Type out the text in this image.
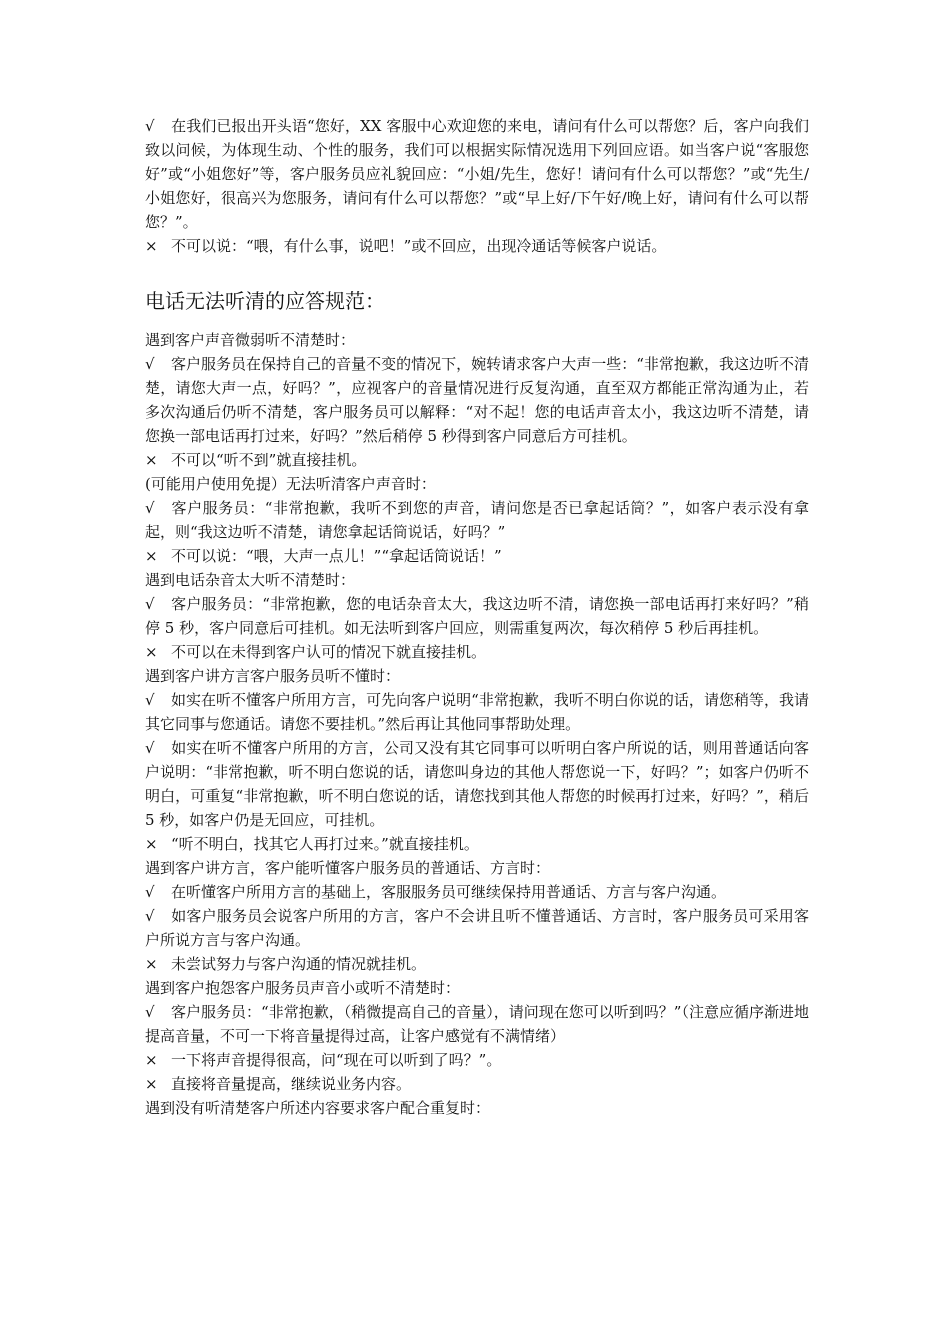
√ 在我们已报出开头语“您好，XX 客服中心欢迎您的来电，请问有什么可以帮您？后，客户向我们致以问候，为体现生动、个性的服务，我们可以根据实际情况选用下列回应语。如当客户说“客服您好”或“小姐您好”等，客户服务员应礼貌回应：“小姐/先生，您好！请问有什么可以帮您？”或“先生/小姐您好，很高兴为您服务，请问有什么可以帮您？”或“早上好/下午好/晚上好，请问有什么可以帮您？”。

× 不可以说：“喂，有什么事，说吧！”或不回应，出现冷通话等候客户说话。

电话无法听清的应答规范：

遇到客户声音微弱听不清楚时：

√ 客户服务员在保持自己的音量不变的情况下，婉转请求客户大声一些：“非常抱歉，我这边听不清楚，请您大声一点，好吗？”，应视客户的音量情况进行反复沟通，直至双方都能正常沟通为止，若多次沟通后仍听不清楚，客户服务员可以解释：“对不起！您的电话声音太小，我这边听不清楚，请您换一部电话再打过来，好吗？”然后稍停 5 秒得到客户同意后方可挂机。

× 不可以“听不到”就直接挂机。

(可能用户使用免提）无法听清客户声音时：

√ 客户服务员：“非常抱歉，我听不到您的声音，请问您是否已拿起话筒？”，如客户表示没有拿起，则“我这边听不清楚，请您拿起话筒说话，好吗？”

× 不可以说：“喂，大声一点儿！”“拿起话筒说话！”

遇到电话杂音太大听不清楚时：

√ 客户服务员：“非常抱歉，您的电话杂音太大，我这边听不清，请您换一部电话再打来好吗？”稍停 5 秒，客户同意后可挂机。如无法听到客户回应，则需重复两次，每次稍停 5 秒后再挂机。

× 不可以在未得到客户认可的情况下就直接挂机。

遇到客户讲方言客户服务员听不懂时：

√ 如实在听不懂客户所用方言，可先向客户说明“非常抱歉，我听不明白你说的话，请您稍等，我请其它同事与您通话。请您不要挂机。”然后再让其他同事帮助处理。

√ 如实在听不懂客户所用的方言，公司又没有其它同事可以听明白客户所说的话，则用普通话向客户说明：“非常抱歉，听不明白您说的话，请您叫身边的其他人帮您说一下，好吗？”；如客户仍听不明白，可重复“非常抱歉，听不明白您说的话，请您找到其他人帮您的时候再打过来，好吗？”，稍后 5 秒，如客户仍是无回应，可挂机。

× “听不明白，找其它人再打过来。”就直接挂机。

遇到客户讲方言，客户能听懂客户服务员的普通话、方言时：

√ 在听懂客户所用方言的基础上，客服服务员可继续保持用普通话、方言与客户沟通。

√ 如客户服务员会说客户所用的方言，客户不会讲且听不懂普通话、方言时，客户服务员可采用客户所说方言与客户沟通。

× 未尝试努力与客户沟通的情况就挂机。

遇到客户抱怨客户服务员声音小或听不清楚时：

√ 客户服务员：“非常抱歉，（稍微提高自己的音量），请问现在您可以听到吗？”（注意应循序渐进地提高音量，不可一下将音量提得过高，让客户感觉有不满情绪）

× 一下将声音提得很高，问“现在可以听到了吗？”。

× 直接将音量提高，继续说业务内容。

遇到没有听清楚客户所述内容要求客户配合重复时：
